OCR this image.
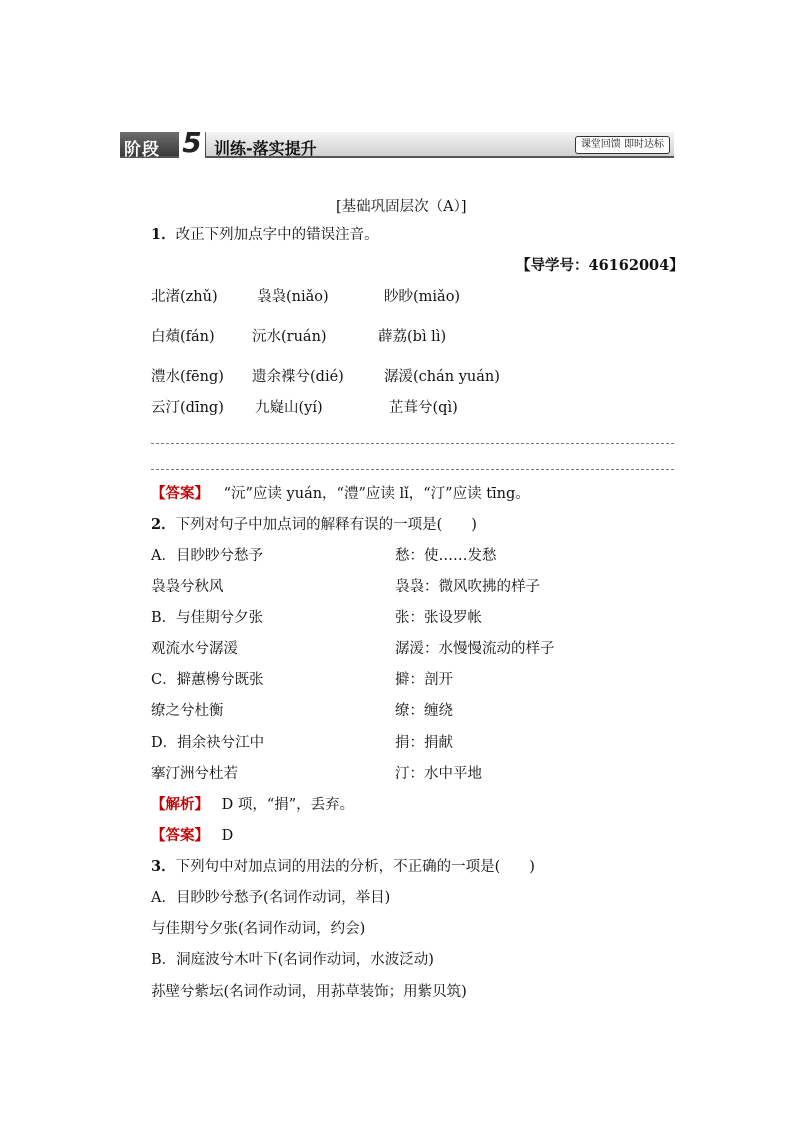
阶段 5 训练-落实提升	课堂回馈 即时达标
[基础巩固层次（A）]
1．改正下列加点字中的错误注音。
【导学号：46162004】
北渚(zhǔ)	袅袅(niǎo)	眇眇(miǎo)
白薠(fán)	沅水(ruán)	薜荔(bì lì)
澧水(fēng) 遗余褋兮(dié)	潺湲(chán yuán)
云汀(dīng) 九嶷山(yí)	芷葺兮(qì)
【答案】 “沅”应读 yuán，“澧”应读 lǐ，“汀”应读 tīng。
2．下列对句子中加点词的解释有误的一项是(　　)
A．目眇眇兮愁予	愁：使……发愁
袅袅兮秋风	袅袅：微风吹拂的样子
B．与佳期兮夕张	张：张设罗帐
观流水兮潺湲	潺湲：水慢慢流动的样子
C．擗蕙櫋兮既张	擗：剖开
缭之兮杜衡	缭：缠绕
D．捐余袂兮江中	捐：捐献
搴汀洲兮杜若	汀：水中平地
【解析】 D 项，“捐”，丢弃。
【答案】 D
3．下列句中对加点词的用法的分析，不正确的一项是(　　)
A．目眇眇兮愁予(名词作动词，举目)
与佳期兮夕张(名词作动词，约会)
B．洞庭波兮木叶下(名词作动词，水波泛动)
荪壁兮紫坛(名词作动词，用荪草装饰；用紫贝筑)
